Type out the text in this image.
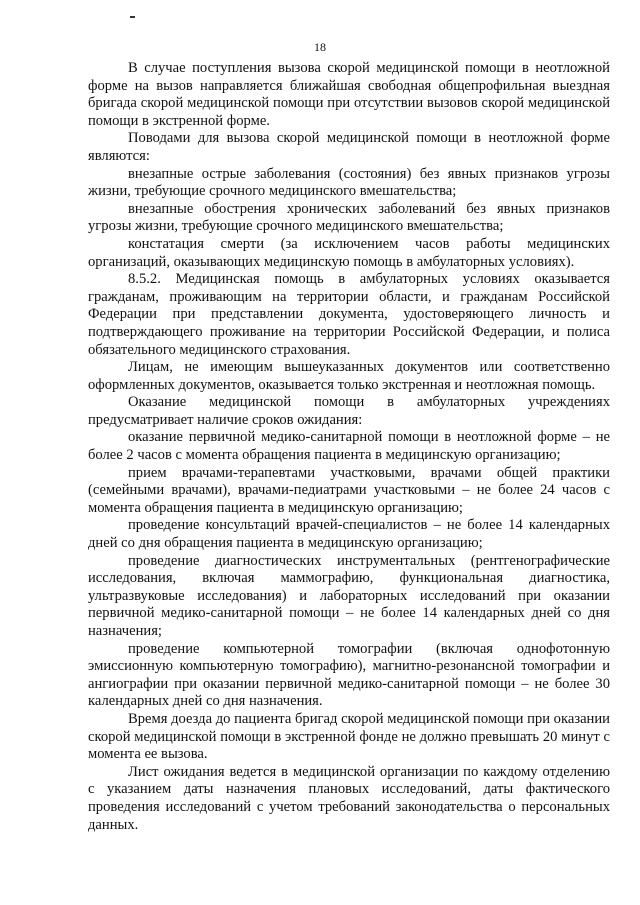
18

В случае поступления вызова скорой медицинской помощи в неотложной форме на вызов направляется ближайшая свободная общепрофильная выездная бригада скорой медицинской помощи при отсутствии вызовов скорой медицинской помощи в экстренной форме.

Поводами для вызова скорой медицинской помощи в неотложной форме являются:

внезапные острые заболевания (состояния) без явных признаков угрозы жизни, требующие срочного медицинского вмешательства;

внезапные обострения хронических заболеваний без явных признаков угрозы жизни, требующие срочного медицинского вмешательства;

констатация смерти (за исключением часов работы медицинских организаций, оказывающих медицинскую помощь в амбулаторных условиях).

8.5.2. Медицинская помощь в амбулаторных условиях оказывается гражданам, проживающим на территории области, и гражданам Российской Федерации при представлении документа, удостоверяющего личность и подтверждающего проживание на территории Российской Федерации, и полиса обязательного медицинского страхования.

Лицам, не имеющим вышеуказанных документов или соответственно оформленных документов, оказывается только экстренная и неотложная помощь.

Оказание медицинской помощи в амбулаторных учреждениях предусматривает наличие сроков ожидания:

оказание первичной медико-санитарной помощи в неотложной форме – не более 2 часов с момента обращения пациента в медицинскую организацию;

прием врачами-терапевтами участковыми, врачами общей практики (семейными врачами), врачами-педиатрами участковыми – не более 24 часов с момента обращения пациента в медицинскую организацию;

проведение консультаций врачей-специалистов – не более 14 календарных дней со дня обращения пациента в медицинскую организацию;

проведение диагностических инструментальных (рентгенографические исследования, включая маммографию, функциональная диагностика, ультразвуковые исследования) и лабораторных исследований при оказании первичной медико-санитарной помощи – не более 14 календарных дней со дня назначения;

проведение компьютерной томографии (включая однофотонную эмиссионную компьютерную томографию), магнитно-резонансной томографии и ангиографии при оказании первичной медико-санитарной помощи – не более 30 календарных дней со дня назначения.

Время доезда до пациента бригад скорой медицинской помощи при оказании скорой медицинской помощи в экстренной фонде не должно превышать 20 минут с момента ее вызова.

Лист ожидания ведется в медицинской организации по каждому отделению с указанием даты назначения плановых исследований, даты фактического проведения исследований с учетом требований законодательства о персональных данных.
